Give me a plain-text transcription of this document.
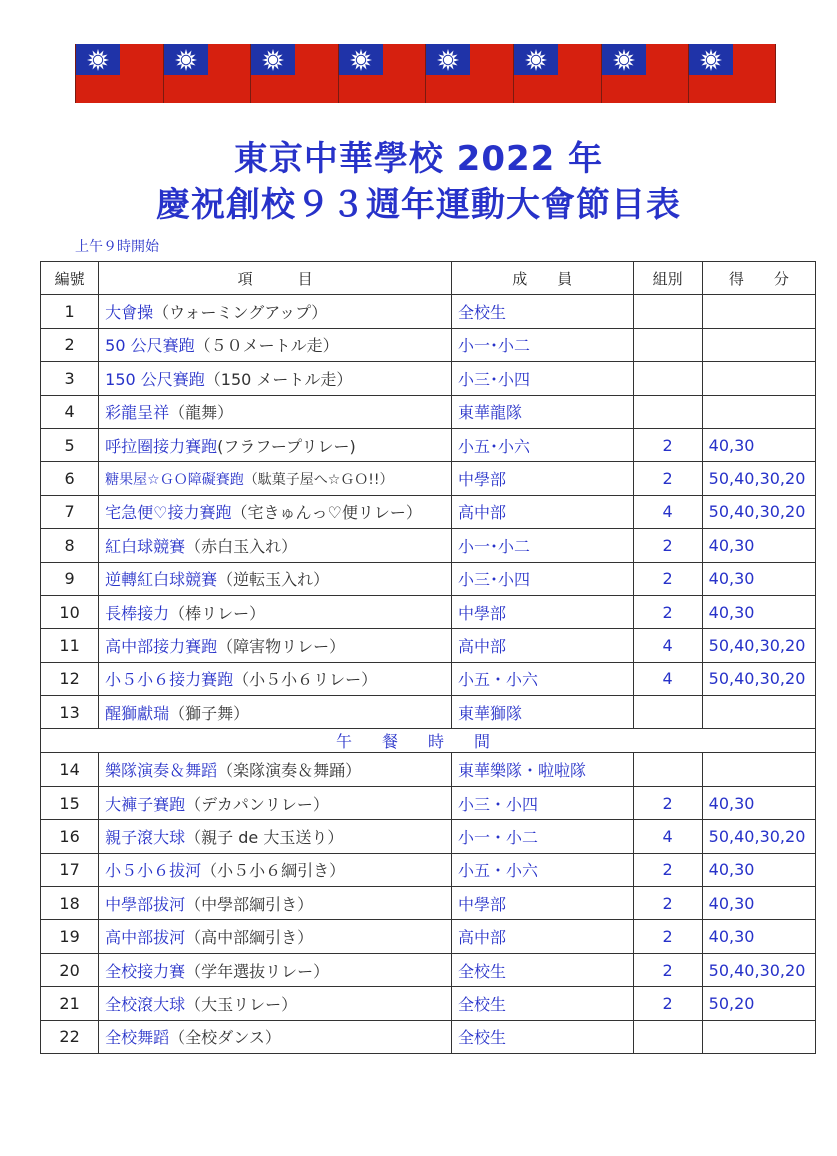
東京中華學校 2022 年
慶祝創校９３週年運動大會節目表
上午９時開始
編號	項　　　目	成　　員	組別	得　　分
1	大會操（ウォーミングアップ）	全校生		
2	50 公尺賽跑（５０メートル走）	小一･小二		
3	150 公尺賽跑（150 メートル走）	小三･小四		
4	彩龍呈祥（龍舞）	東華龍隊		
5	呼拉圈接力賽跑(フラフープリレー)	小五･小六	2	40,30
6	糖果屋☆ＧＯ障礙賽跑（駄菓子屋へ☆ＧＯ!!）	中學部	2	50,40,30,20
7	宅急便♡接力賽跑（宅きゅんっ♡便リレー）	高中部	4	50,40,30,20
8	紅白球競賽（赤白玉入れ）	小一･小二	2	40,30
9	逆轉紅白球競賽（逆転玉入れ）	小三･小四	2	40,30
10	長棒接力（棒リレー）	中學部	2	40,30
11	高中部接力賽跑（障害物リレー）	高中部	4	50,40,30,20
12	小５小６接力賽跑（小５小６リレー）	小五・小六	4	50,40,30,20
13	醒獅獻瑞（獅子舞）	東華獅隊		
午餐時間				
14	樂隊演奏＆舞蹈（楽隊演奏＆舞踊）	東華樂隊・啦啦隊		
15	大褲子賽跑（デカパンリレー）	小三・小四	2	40,30
16	親子滾大球（親子 de 大玉送り）	小一・小二	4	50,40,30,20
17	小５小６拔河（小５小６綱引き）	小五・小六	2	40,30
18	中學部拔河（中學部綱引き）	中學部	2	40,30
19	高中部拔河（高中部綱引き）	高中部	2	40,30
20	全校接力賽（学年選抜リレー）	全校生	2	50,40,30,20
21	全校滾大球（大玉リレー）	全校生	2	50,20
22	全校舞蹈（全校ダンス）	全校生		
